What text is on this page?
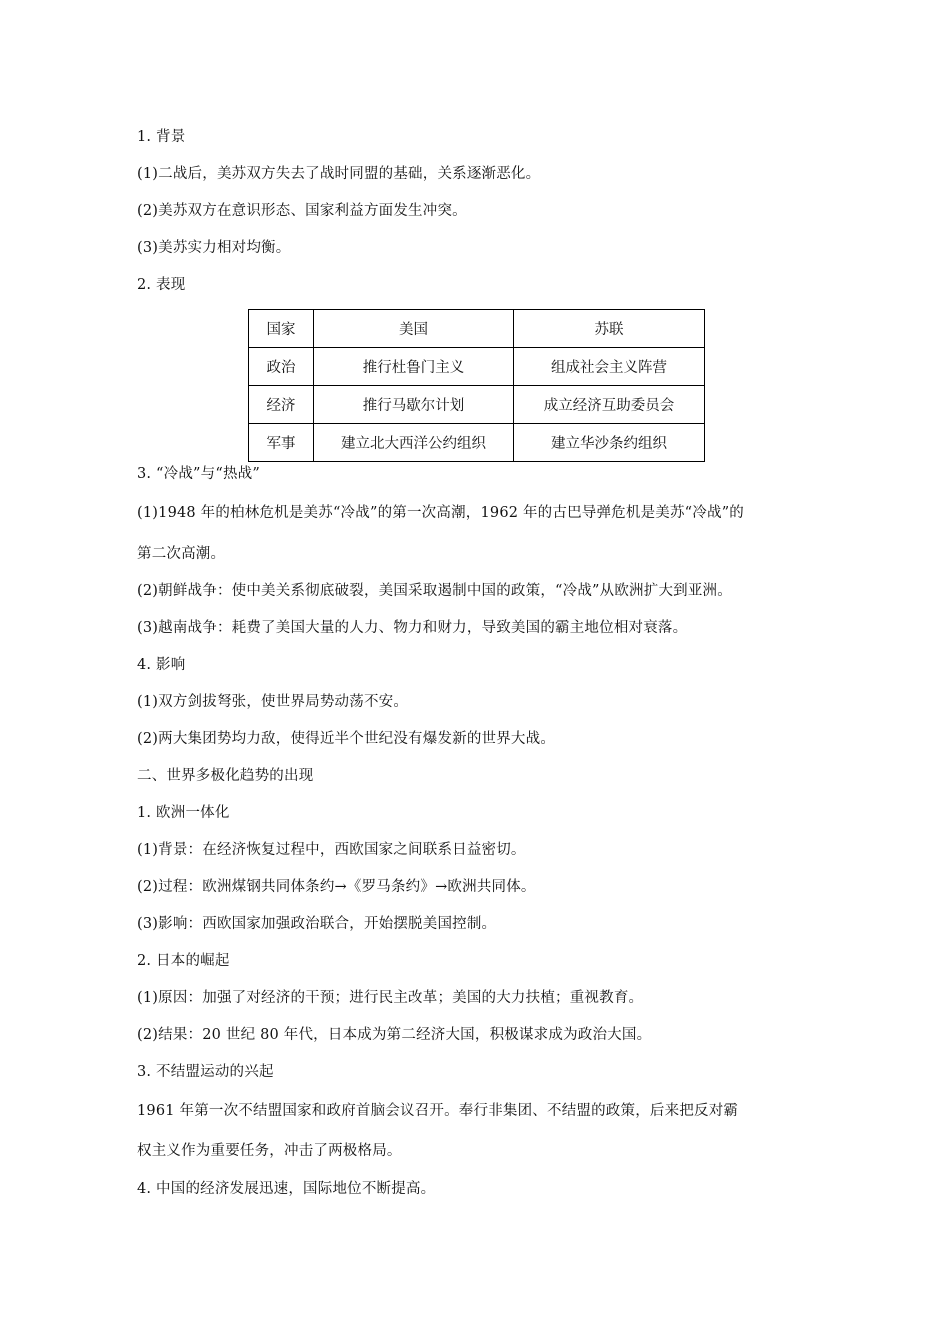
1. 背景
(1)二战后，美苏双方失去了战时同盟的基础，关系逐渐恶化。
(2)美苏双方在意识形态、国家利益方面发生冲突。
(3)美苏实力相对均衡。
2. 表现
国家	美国	苏联
政治	推行杜鲁门主义	组成社会主义阵营
经济	推行马歇尔计划	成立经济互助委员会
军事	建立北大西洋公约组织	建立华沙条约组织
3. “冷战”与“热战”
(1)1948 年的柏林危机是美苏“冷战”的第一次高潮，1962 年的古巴导弹危机是美苏“冷战”的
第二次高潮。
(2)朝鲜战争：使中美关系彻底破裂，美国采取遏制中国的政策，“冷战”从欧洲扩大到亚洲。
(3)越南战争：耗费了美国大量的人力、物力和财力，导致美国的霸主地位相对衰落。
4. 影响
(1)双方剑拔弩张，使世界局势动荡不安。
(2)两大集团势均力敌，使得近半个世纪没有爆发新的世界大战。
二、世界多极化趋势的出现
1. 欧洲一体化
(1)背景：在经济恢复过程中，西欧国家之间联系日益密切。
(2)过程：欧洲煤钢共同体条约→《罗马条约》→欧洲共同体。
(3)影响：西欧国家加强政治联合，开始摆脱美国控制。
2. 日本的崛起
(1)原因：加强了对经济的干预；进行民主改革；美国的大力扶植；重视教育。
(2)结果：20 世纪 80 年代，日本成为第二经济大国，积极谋求成为政治大国。
3. 不结盟运动的兴起
1961 年第一次不结盟国家和政府首脑会议召开。奉行非集团、不结盟的政策，后来把反对霸
权主义作为重要任务，冲击了两极格局。
4. 中国的经济发展迅速，国际地位不断提高。
